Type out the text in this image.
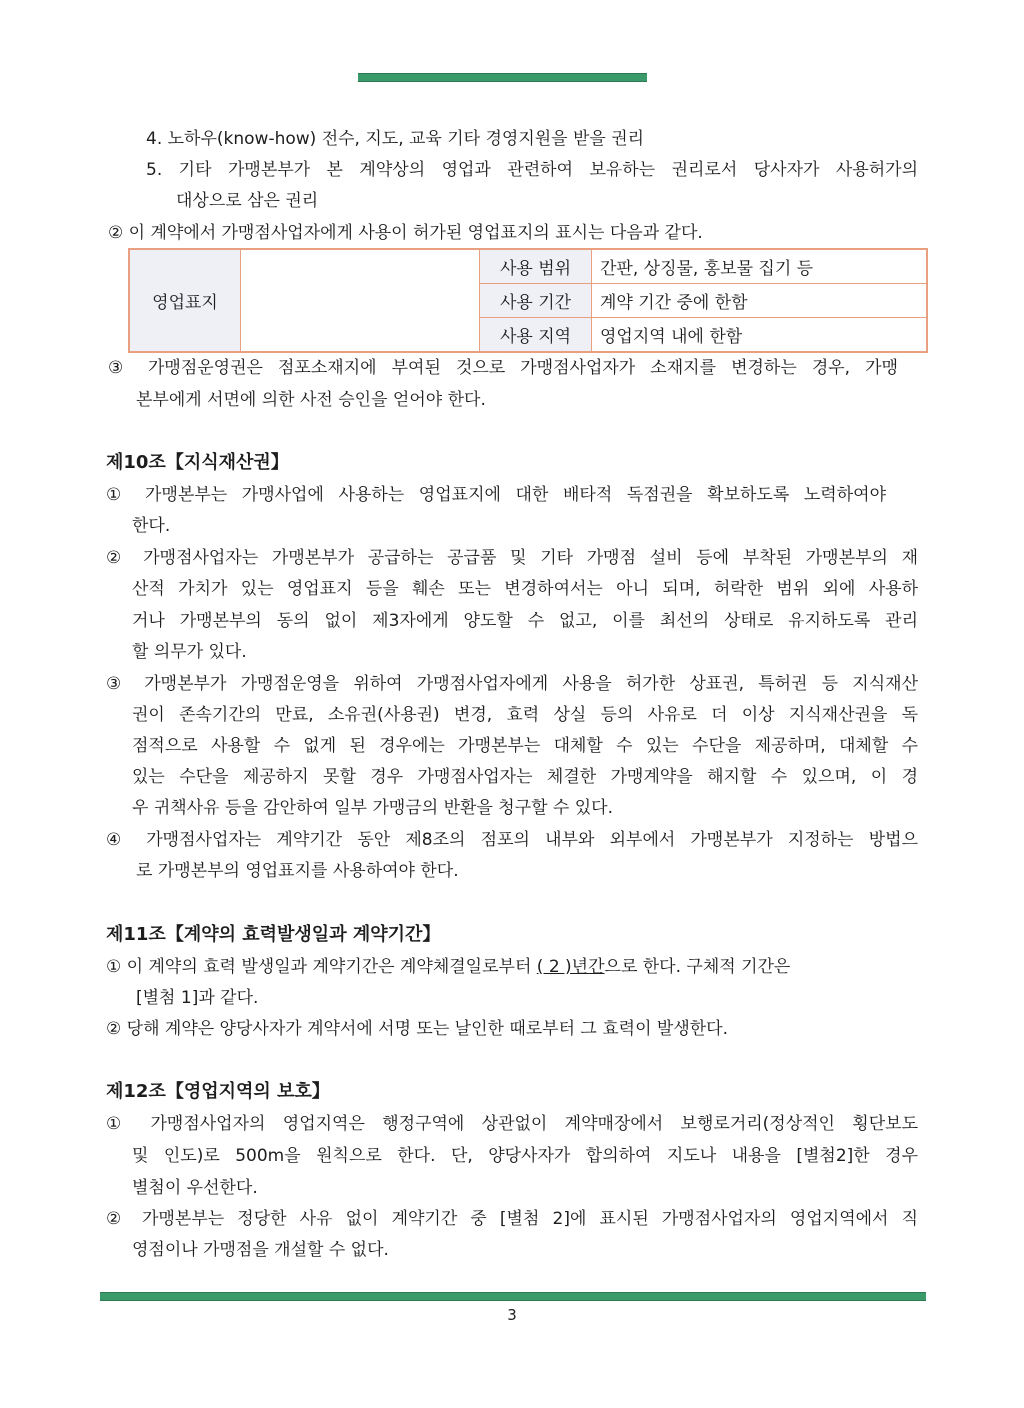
4. 노하우(know-how) 전수, 지도, 교육 기타 경영지원을 받을 권리
5. 기타 가맹본부가 본 계약상의 영업과 관련하여 보유하는 권리로서 당사자가 사용허가의
대상으로 삼은 권리
② 이 계약에서 가맹점사업자에게 사용이 허가된 영업표지의 표시는 다음과 같다.
영업표지		사용 범위	간판, 상징물, 홍보물 집기 등
		사용 기간	계약 기간 중에 한함
		사용 지역	영업지역 내에 한함
③ 가맹점운영권은 점포소재지에 부여된 것으로 가맹점사업자가 소재지를 변경하는 경우, 가맹
본부에게 서면에 의한 사전 승인을 얻어야 한다.
제10조【지식재산권】
① 가맹본부는 가맹사업에 사용하는 영업표지에 대한 배타적 독점권을 확보하도록 노력하여야
한다.
② 가맹점사업자는 가맹본부가 공급하는 공급품 및 기타 가맹점 설비 등에 부착된 가맹본부의 재
산적 가치가 있는 영업표지 등을 훼손 또는 변경하여서는 아니 되며, 허락한 범위 외에 사용하
거나 가맹본부의 동의 없이 제3자에게 양도할 수 없고, 이를 최선의 상태로 유지하도록 관리
할 의무가 있다.
③ 가맹본부가 가맹점운영을 위하여 가맹점사업자에게 사용을 허가한 상표권, 특허권 등 지식재산
권이 존속기간의 만료, 소유권(사용권) 변경, 효력 상실 등의 사유로 더 이상 지식재산권을 독
점적으로 사용할 수 없게 된 경우에는 가맹본부는 대체할 수 있는 수단을 제공하며, 대체할 수
있는 수단을 제공하지 못할 경우 가맹점사업자는 체결한 가맹계약을 해지할 수 있으며, 이 경
우 귀책사유 등을 감안하여 일부 가맹금의 반환을 청구할 수 있다.
④ 가맹점사업자는 계약기간 동안 제8조의 점포의 내부와 외부에서 가맹본부가 지정하는 방법으
로 가맹본부의 영업표지를 사용하여야 한다.
제11조【계약의 효력발생일과 계약기간】
① 이 계약의 효력 발생일과 계약기간은 계약체결일로부터 ( 2 )년간으로 한다. 구체적 기간은
[별첨 1]과 같다.
② 당해 계약은 양당사자가 계약서에 서명 또는 날인한 때로부터 그 효력이 발생한다.
제12조【영업지역의 보호】
① 가맹점사업자의 영업지역은 행정구역에 상관없이 계약매장에서 보행로거리(정상적인 횡단보도
및 인도)로 500m을 원칙으로 한다. 단, 양당사자가 합의하여 지도나 내용을 [별첨2]한 경우
별첨이 우선한다.
② 가맹본부는 정당한 사유 없이 계약기간 중 [별첨 2]에 표시된 가맹점사업자의 영업지역에서 직
영점이나 가맹점을 개설할 수 없다.
3
